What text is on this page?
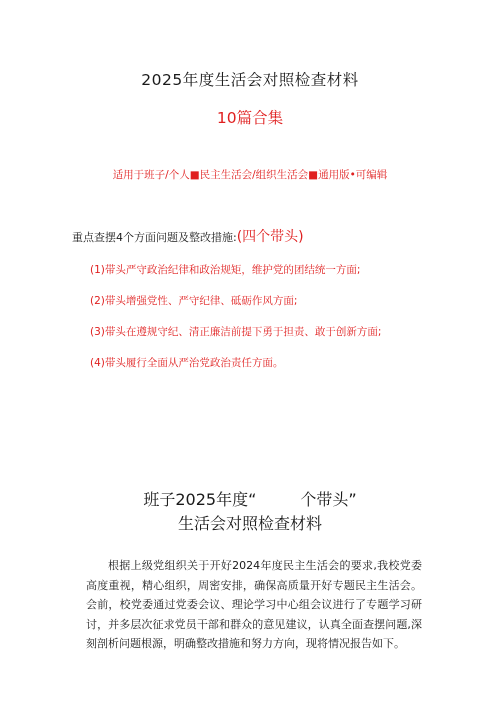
2025年度生活会对照检查材料
10篇合集
适用于班子/个人■民主生活会/组织生活会■通用版•可编辑
重点查摆4个方面问题及整改措施:(四个带头)
(1)带头严守政治纪律和政治规矩，维护党的团结统一方面;
(2)带头增强党性、严守纪律、砥砺作风方面;
(3)带头在遵规守纪、清正廉洁前提下勇于担责、敢于创新方面;
(4)带头履行全面从严治党政治责任方面。
班子2025年度“	个带头”
生活会对照检查材料

根据上级党组织关于开好2024年度民主生活会的要求,我校党委高度重视，精心组织，周密安排，确保高质量开好专题民主生活会。会前，校党委通过党委会议、理论学习中心组会议进行了专题学习研讨，并多层次征求党员干部和群众的意见建议，认真全面查摆问题,深刻剖析问题根源，明确整改措施和努力方向，现将情况报告如下。
